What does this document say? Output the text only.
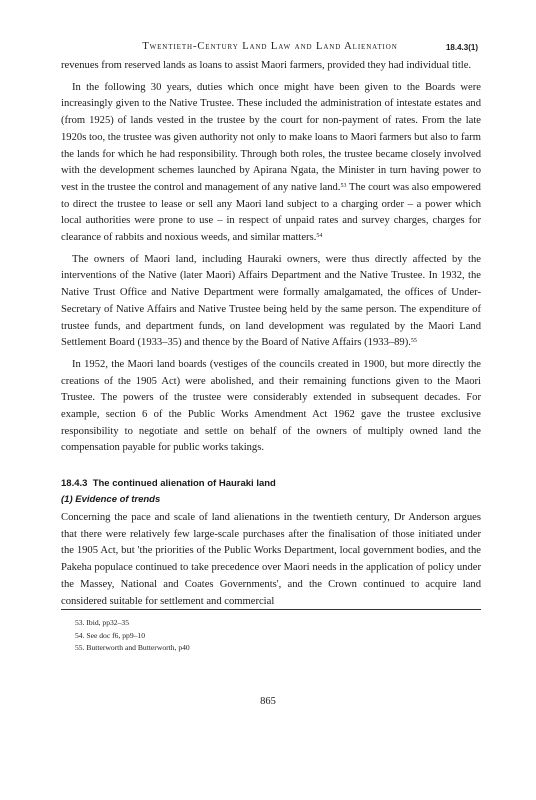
Twentieth-Century Land Law and Land Alienation	18.4.3(1)

revenues from reserved lands as loans to assist Maori farmers, provided they had individual title.

In the following 30 years, duties which once might have been given to the Boards were increasingly given to the Native Trustee. These included the administration of intestate estates and (from 1925) of lands vested in the trustee by the court for non-payment of rates. From the late 1920s too, the trustee was given authority not only to make loans to Maori farmers but also to farm the lands for which he had responsibility. Through both roles, the trustee became closely involved with the development schemes launched by Apirana Ngata, the Minister in turn having power to vest in the trustee the control and management of any native land.$^{53}$ The court was also empowered to direct the trustee to lease or sell any Maori land subject to a charging order – a power which local authorities were prone to use – in respect of unpaid rates and survey charges, charges for clearance of rabbits and noxious weeds, and similar matters.$^{54}$

The owners of Maori land, including Hauraki owners, were thus directly affected by the interventions of the Native (later Maori) Affairs Department and the Native Trustee. In 1932, the Native Trust Office and Native Department were formally amalgamated, the offices of Under-Secretary of Native Affairs and Native Trustee being held by the same person. The expenditure of trustee funds, and department funds, on land development was regulated by the Maori Land Settlement Board (1933–35) and thence by the Board of Native Affairs (1933–89).$^{55}$

In 1952, the Maori land boards (vestiges of the councils created in 1900, but more directly the creations of the 1905 Act) were abolished, and their remaining functions given to the Maori Trustee. The powers of the trustee were considerably extended in subsequent decades. For example, section 6 of the Public Works Amendment Act 1962 gave the trustee exclusive responsibility to negotiate and settle on behalf of the owners of multiply owned land the compensation payable for public works takings.

18.4.3 The continued alienation of Hauraki land
(1) Evidence of trends

Concerning the pace and scale of land alienations in the twentieth century, Dr Anderson argues that there were relatively few large-scale purchases after the finalisation of those initiated under the 1905 Act, but 'the priorities of the Public Works Department, local government bodies, and the Pakeha populace continued to take precedence over Maori needs in the application of policy under the Massey, National and Coates Governments', and the Crown continued to acquire land considered suitable for settlement and commercial

53. Ibid, pp32–35
54. See doc f6, pp9–10
55. Butterworth and Butterworth, p40
865
